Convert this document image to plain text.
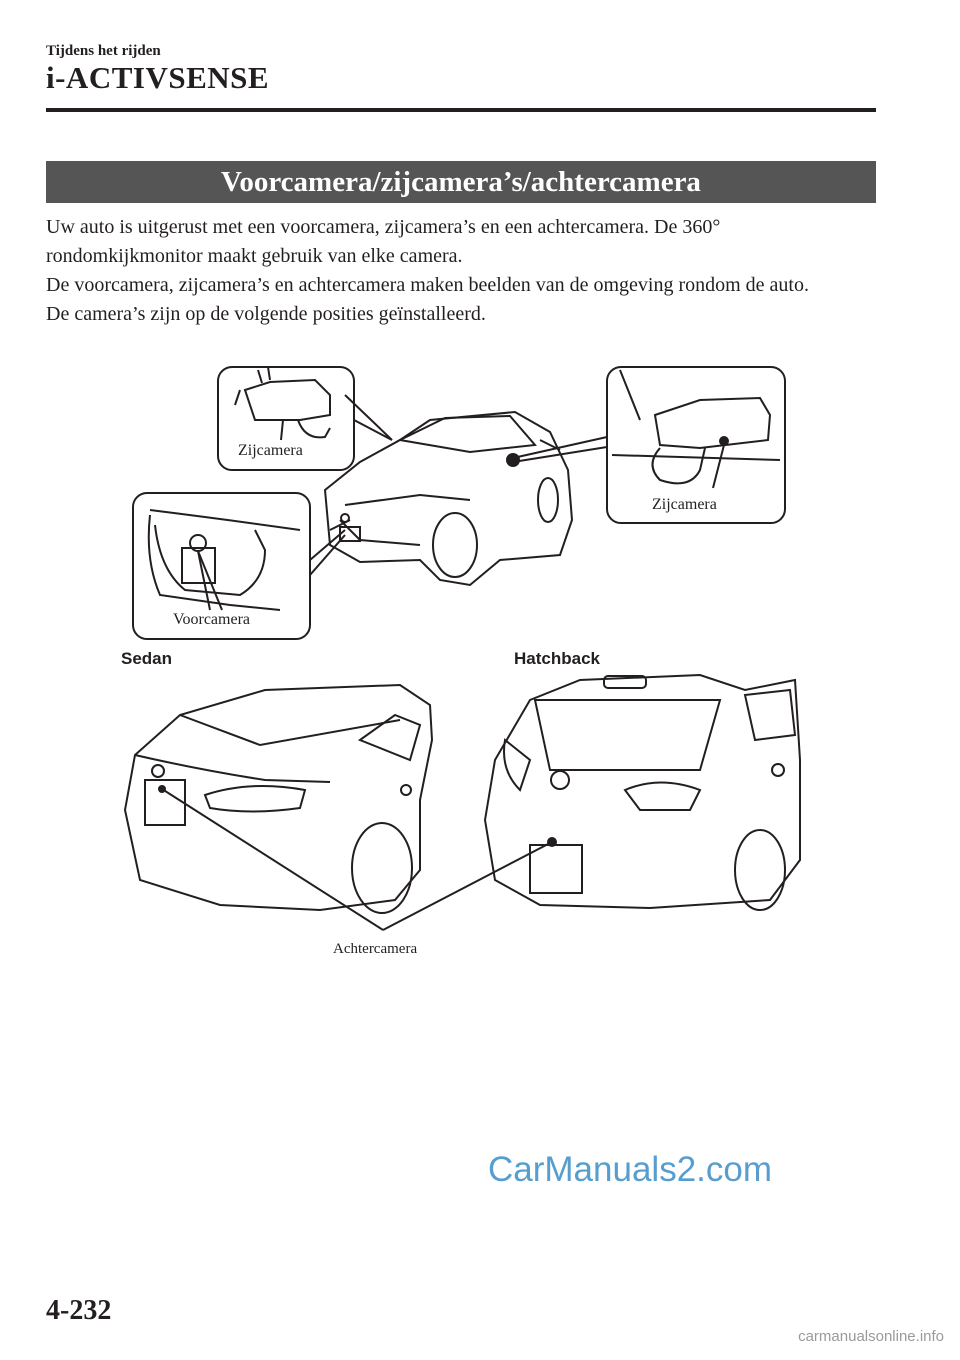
Tijdens het rijden
i-ACTIVSENSE
Voorcamera/zijcamera’s/achtercamera

Uw auto is uitgerust met een voorcamera, zijcamera’s en een achtercamera. De 360° rondomkijkmonitor maakt gebruik van elke camera.

De voorcamera, zijcamera’s en achtercamera maken beelden van de omgeving rondom de auto.

De camera’s zijn op de volgende posities geïnstalleerd.

Zijcamera
Zijcamera
Voorcamera
Sedan	Hatchback
Achtercamera
CarManuals2.com
4-232
carmanualsonline.info
